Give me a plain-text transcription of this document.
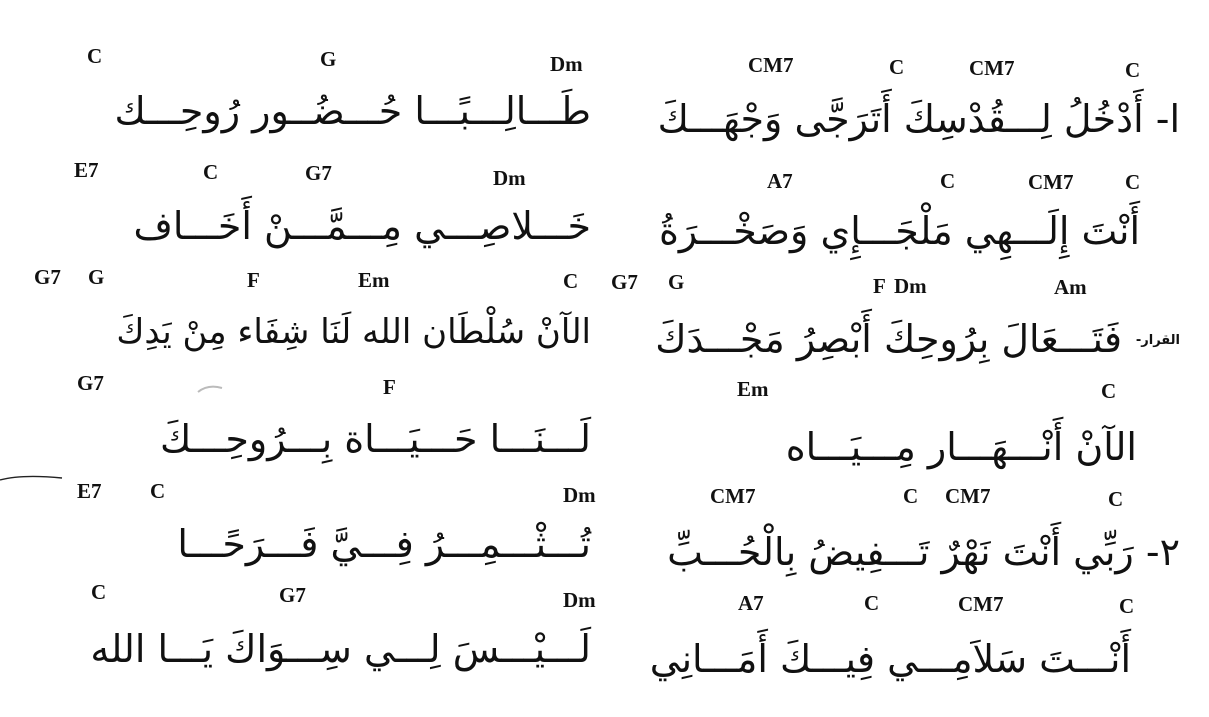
C	G	Dm	CM7	C	CM7	C
طَـــالِـــبًـــا حُـــضُــور رُوحِـــك ا- أَدْخُلُ لِـــقُدْسِكَ أَتَرَجَّى وَجْهَـــكَ
E7	C	G7	Dm	A7	C	CM7 C
خَـــلاصِـــي مِـــمَّـــنْ أَخَـــاف أَنْتَ إِلَـــهِي مَلْجَـــإِي وَصَخْـــرَةُ
G7 G	F	Em	C G7 G	F Dm	Am
الآنْ سُلْطَان الله لَنَا شِفَاء مِنْ يَدِكَ فَتَـــعَالَ بِرُوحِكَ أَبْصِرُ مَجْـــدَكَ القرار-
G7	F	Em	C
لَـــنَـــا حَـــيَـــاة بِـــرُوحِـــكَ	الآنْ أَنْـــهَـــار مِـــيَـــاه
E7 C	Dm	CM7	C CM7	C
تُـــثْـــمِـــرُ فِـــيَّ فَـــرَحًـــا ٢- رَبِّي أَنْتَ نَهْرٌ تَـــفِيضُ بِالْحُـــبِّ
C	G7	Dm	A7	C	CM7	C
لَـــيْـــسَ لِـــي سِـــوَاكَ يَـــا الله أَنْـــتَ سَلاَمِـــي فِيـــكَ أَمَـــانِي
